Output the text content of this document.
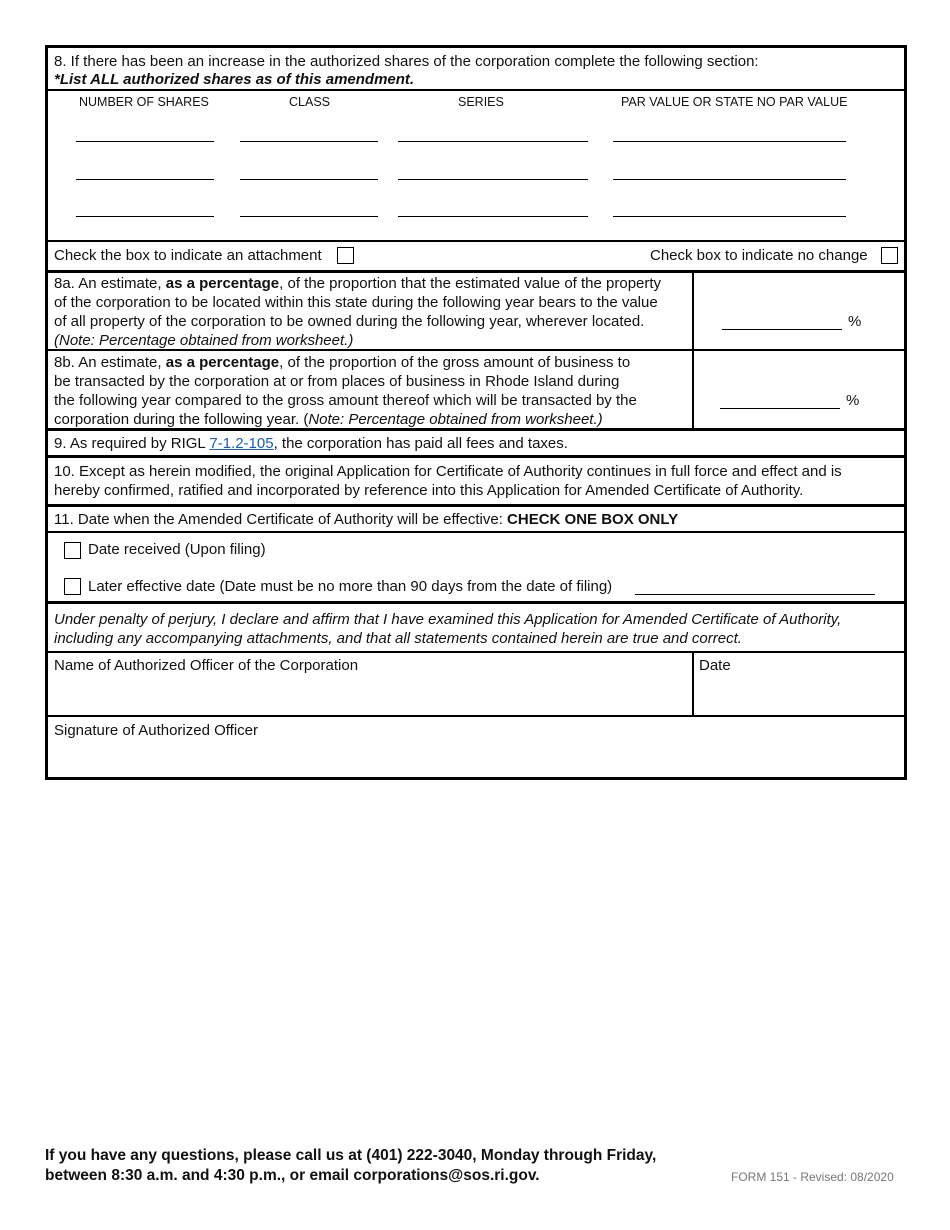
8. If there has been an increase in the authorized shares of the corporation complete the following section:
*List ALL authorized shares as of this amendment.
NUMBER OF SHARES	CLASS	SERIES	PAR VALUE OR STATE NO PAR VALUE
Check the box to indicate an attachment	Check box to indicate no change
8a. An estimate, as a percentage, of the proportion that the estimated value of the property
of the corporation to be located within this state during the following year bears to the value
of all property of the corporation to be owned during the following year, wherever located.
(Note: Percentage obtained from worksheet.)
%
8b. An estimate, as a percentage, of the proportion of the gross amount of business to
be transacted by the corporation at or from places of business in Rhode Island during
the following year compared to the gross amount thereof which will be transacted by the
corporation during the following year. (Note: Percentage obtained from worksheet.)
%
9. As required by RIGL 7-1.2-105, the corporation has paid all fees and taxes.
10. Except as herein modified, the original Application for Certificate of Authority continues in full force and effect and is
hereby confirmed, ratified and incorporated by reference into this Application for Amended Certificate of Authority.
11. Date when the Amended Certificate of Authority will be effective: CHECK ONE BOX ONLY
Date received (Upon filing)
Later effective date (Date must be no more than 90 days from the date of filing)
Under penalty of perjury, I declare and affirm that I have examined this Application for Amended Certificate of Authority,
including any accompanying attachments, and that all statements contained herein are true and correct.
Name of Authorized Officer of the Corporation	Date
Signature of Authorized Officer
If you have any questions, please call us at (401) 222-3040, Monday through Friday,
between 8:30 a.m. and 4:30 p.m., or email corporations@sos.ri.gov.	FORM 151 - Revised: 08/2020
